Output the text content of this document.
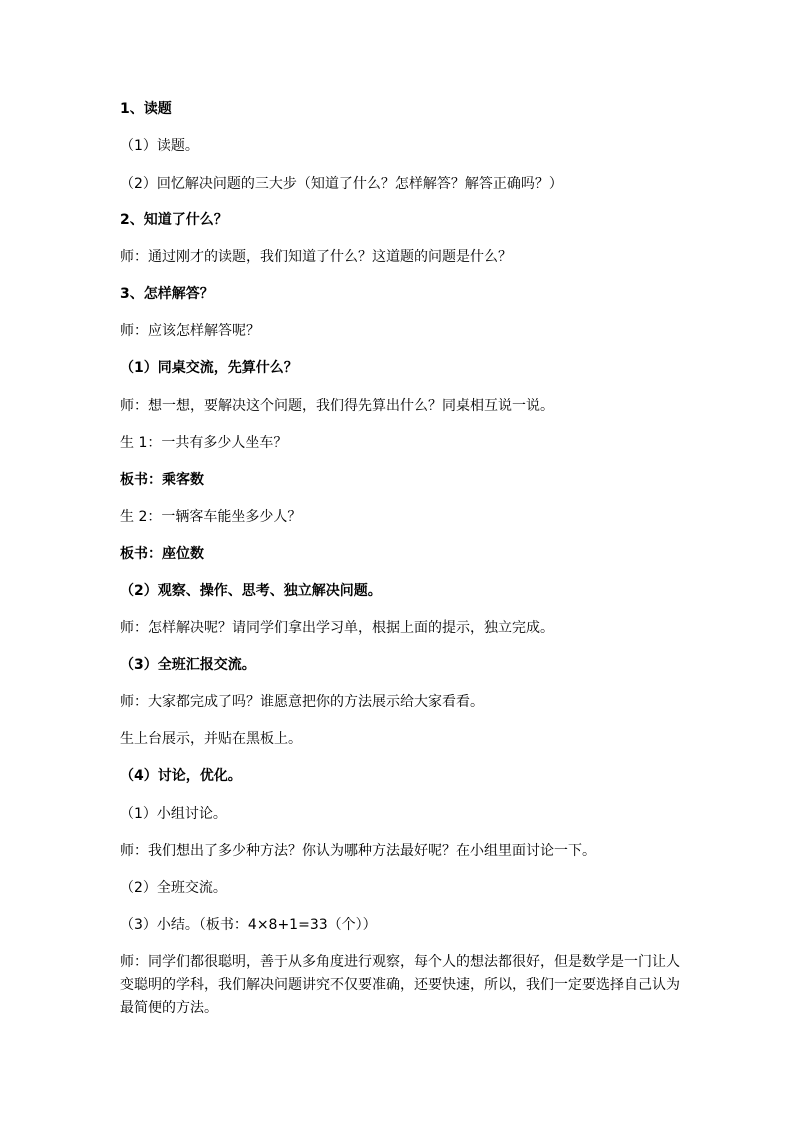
1、读题
（1）读题。
（2）回忆解决问题的三大步（知道了什么？怎样解答？解答正确吗？）
2、知道了什么？
师：通过刚才的读题，我们知道了什么？这道题的问题是什么？
3、怎样解答？
师：应该怎样解答呢？
（1）同桌交流，先算什么？
师：想一想，要解决这个问题，我们得先算出什么？同桌相互说一说。
生 1：一共有多少人坐车？
板书：乘客数
生 2：一辆客车能坐多少人？
板书：座位数
（2）观察、操作、思考、独立解决问题。
师：怎样解决呢？请同学们拿出学习单，根据上面的提示，独立完成。
（3）全班汇报交流。
师：大家都完成了吗？谁愿意把你的方法展示给大家看看。
生上台展示，并贴在黑板上。
（4）讨论，优化。
（1）小组讨论。
师：我们想出了多少种方法？你认为哪种方法最好呢？在小组里面讨论一下。
（2）全班交流。
（3）小结。（板书：4×8+1=33（个））
师：同学们都很聪明，善于从多角度进行观察，每个人的想法都很好，但是数学是一门让人变聪明的学科，我们解决问题讲究不仅要准确，还要快速，所以，我们一定要选择自己认为最简便的方法。
